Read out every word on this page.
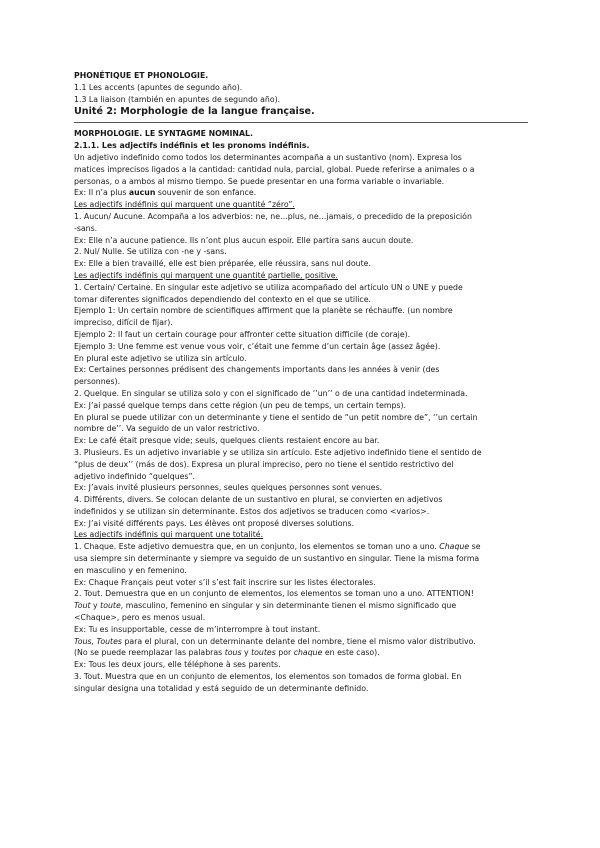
PHONÉTIQUE ET PHONOLOGIE.
1.1 Les accents (apuntes de segundo año).
1.3 La liaison (también en apuntes de segundo año).
Unité 2: Morphologie de la langue française.
MORPHOLOGIE. LE SYNTAGME NOMINAL.
2.1.1. Les adjectifs indéfinis et les pronoms indéfinis.
Un adjetivo indefinido como todos los determinantes acompaña a un sustantivo (nom). Expresa los
matices imprecisos ligados a la cantidad: cantidad nula, parcial, global. Puede referirse a animales o a
personas, o a ambos al mismo tiempo. Se puede presentar en una forma variable o invariable.
Ex: Il n’a plus aucun souvenir de son enfance.
Les adjectifs indéfinis qui marquent une quantité ”zéro”.
1. Aucun/ Aucune. Acompaña a los adverbios: ne, ne…plus, ne…jamais, o precedido de la preposición
-sans.
Ex: Elle n’a aucune patience. Ils n’ont plus aucun espoir. Elle partira sans aucun doute.
2. Nul/ Nulle. Se utiliza con -ne y -sans.
Ex: Elle a bien travaillé, elle est bien préparée, elle réussira, sans nul doute.
Les adjectifs indéfinis qui marquent une quantité partielle, positive.
1. Certain/ Certaine. En singular este adjetivo se utiliza acompañado del artículo UN o UNE y puede
tomar diferentes significados dependiendo del contexto en el que se utilice.
Ejemplo 1: Un certain nombre de scientifiques affirment que la planète se réchauffe. (un nombre
impreciso, difícil de fijar).
Ejemplo 2: Il faut un certain courage pour affronter cette situation difficile (de coraje).
Ejemplo 3: Une femme est venue vous voir, c’était une femme d’un certain âge (assez âgée).
En plural este adjetivo se utiliza sin artículo.
Ex: Certaines personnes prédisent des changements importants dans les années à venir (des
personnes).
2. Quelque. En singular se utiliza solo y con el significado de ‘’un’’ o de una cantidad indeterminada.
Ex: J’ai passé quelque temps dans cette région (un peu de temps, un certain temps).
En plural se puede utilizar con un determinante y tiene el sentido de “un petit nombre de”, ‘’un certain
nombre de’’. Va seguido de un valor restrictivo.
Ex: Le café était presque vide; seuls, quelques clients restaient encore au bar.
3. Plusieurs. Es un adjetivo invariable y se utiliza sin artículo. Este adjetivo indefinido tiene el sentido de
“plus de deux’’ (más de dos). Expresa un plural impreciso, pero no tiene el sentido restrictivo del
adjetivo indefinido “quelques”.
Ex: J’avais invité plusieurs personnes, seules quelques personnes sont venues.
4. Différents, divers. Se colocan delante de un sustantivo en plural, se convierten en adjetivos
indefinidos y se utilizan sin determinante. Estos dos adjetivos se traducen como <varios>.
Ex: J’ai visité différents pays. Les élèves ont proposé diverses solutions.
Les adjectifs indéfinis qui marquent une totalité.
1. Chaque. Este adjetivo demuestra que, en un conjunto, los elementos se toman uno a uno. Chaque se
usa siempre sin determinante y siempre va seguido de un sustantivo en singular. Tiene la misma forma
en masculino y en femenino.
Ex: Chaque Français peut voter s’il s’est fait inscrire sur les listes électorales.
2. Tout. Demuestra que en un conjunto de elementos, los elementos se toman uno a uno. ATTENTION!
Tout y toute, masculino, femenino en singular y sin determinante tienen el mismo significado que
<Chaque>, pero es menos usual.
Ex: Tu es insupportable, cesse de m’interrompre à tout instant.
Tous, Toutes para el plural, con un determinante delante del nombre, tiene el mismo valor distributivo.
(No se puede reemplazar las palabras tous y toutes por chaque en este caso).
Ex: Tous les deux jours, elle téléphone à ses parents.
3. Tout. Muestra que en un conjunto de elementos, los elementos son tomados de forma global. En
singular designa una totalidad y está seguido de un determinante definido.
